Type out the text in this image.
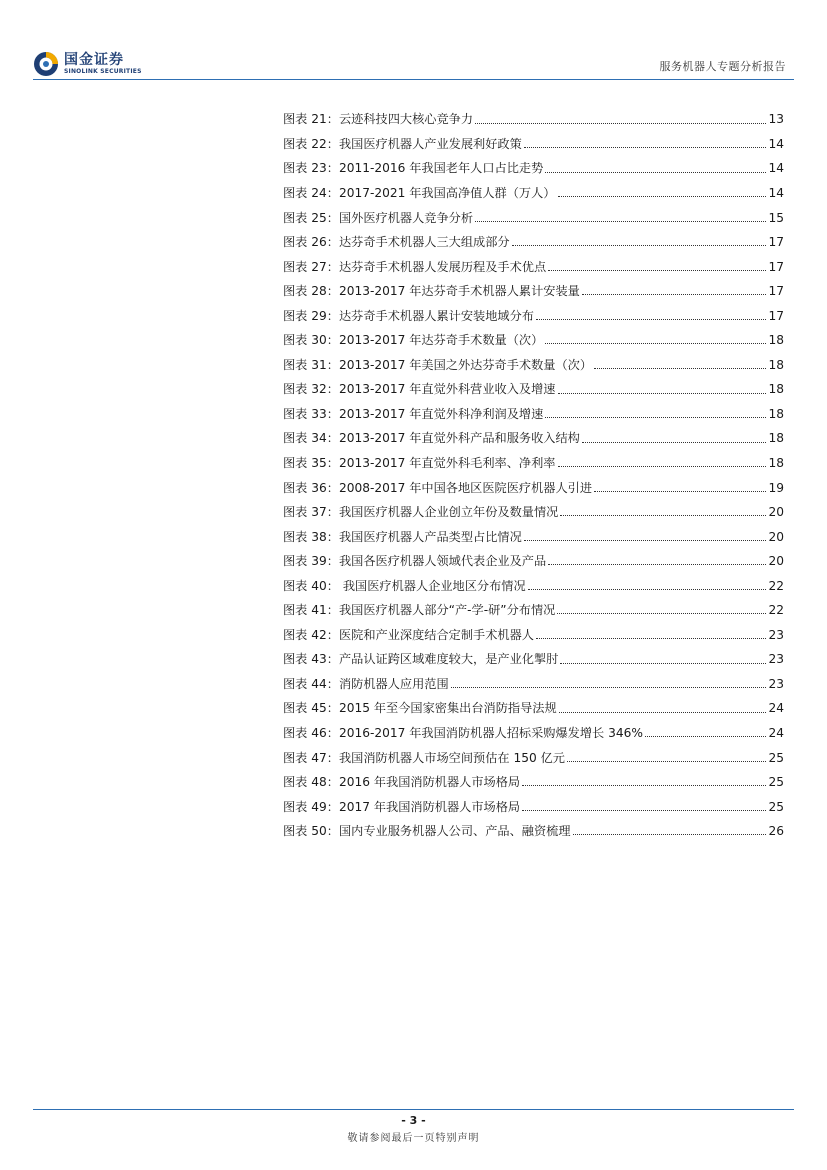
国金证券
SINOLINK SECURITIES	服务机器人专题分析报告
图表 21：云迹科技四大核心竞争力	13
图表 22：我国医疗机器人产业发展利好政策	14
图表 23：2011-2016 年我国老年人口占比走势	14
图表 24：2017-2021 年我国高净值人群（万人）	14
图表 25：国外医疗机器人竞争分析	15
图表 26：达芬奇手术机器人三大组成部分	17
图表 27：达芬奇手术机器人发展历程及手术优点	17
图表 28：2013-2017 年达芬奇手术机器人累计安装量	17
图表 29：达芬奇手术机器人累计安装地域分布	17
图表 30：2013-2017 年达芬奇手术数量（次）	18
图表 31：2013-2017 年美国之外达芬奇手术数量（次）	18
图表 32：2013-2017 年直觉外科营业收入及增速	18
图表 33：2013-2017 年直觉外科净利润及增速	18
图表 34：2013-2017 年直觉外科产品和服务收入结构	18
图表 35：2013-2017 年直觉外科毛利率、净利率	18
图表 36：2008-2017 年中国各地区医院医疗机器人引进	19
图表 37：我国医疗机器人企业创立年份及数量情况	20
图表 38：我国医疗机器人产品类型占比情况	20
图表 39：我国各医疗机器人领域代表企业及产品	20
图表 40： 我国医疗机器人企业地区分布情况	22
图表 41：我国医疗机器人部分“产-学-研”分布情况	22
图表 42：医院和产业深度结合定制手术机器人	23
图表 43：产品认证跨区域难度较大，是产业化掣肘	23
图表 44：消防机器人应用范围	23
图表 45：2015 年至今国家密集出台消防指导法规	24
图表 46：2016-2017 年我国消防机器人招标采购爆发增长 346%	24
图表 47：我国消防机器人市场空间预估在 150 亿元	25
图表 48：2016 年我国消防机器人市场格局	25
图表 49：2017 年我国消防机器人市场格局	25
图表 50：国内专业服务机器人公司、产品、融资梳理	26
- 3 -
敬请参阅最后一页特别声明
